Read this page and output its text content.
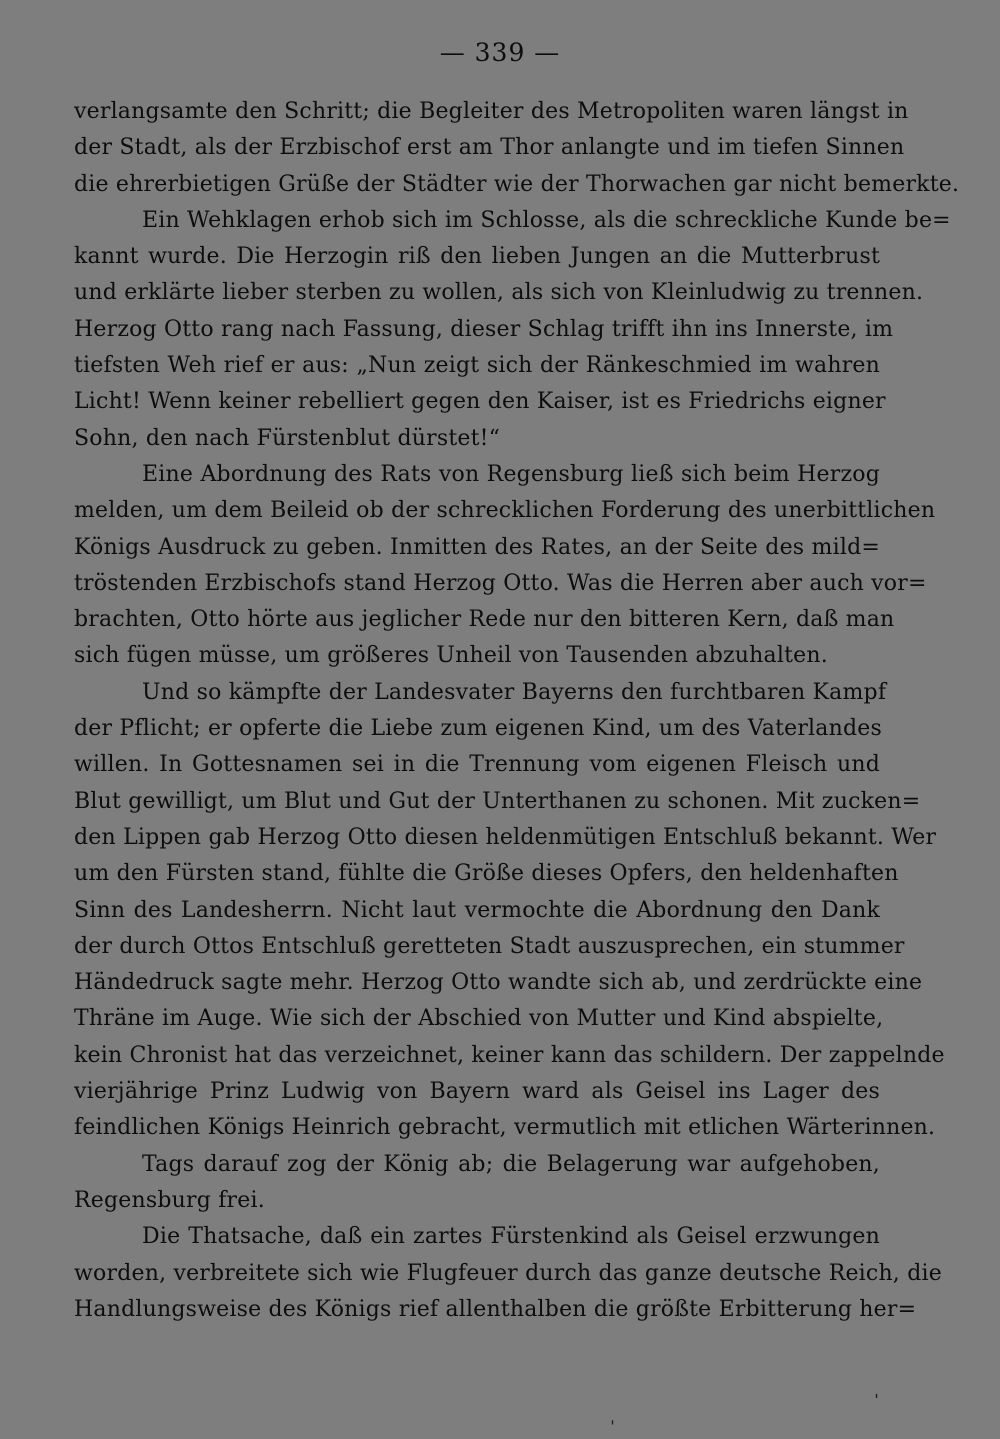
— 339 —
verlangsamte den Schritt; die Begleiter des Metropoliten waren längst in
der Stadt, als der Erzbischof erst am Thor anlangte und im tiefen Sinnen
die ehrerbietigen Grüße der Städter wie der Thorwachen gar nicht bemerkte.
Ein Wehklagen erhob sich im Schlosse, als die schreckliche Kunde be=
kannt wurde. Die Herzogin riß den lieben Jungen an die Mutterbrust
und erklärte lieber sterben zu wollen, als sich von Kleinludwig zu trennen.
Herzog Otto rang nach Fassung, dieser Schlag trifft ihn ins Innerste, im
tiefsten Weh rief er aus: „Nun zeigt sich der Ränkeschmied im wahren
Licht! Wenn keiner rebelliert gegen den Kaiser, ist es Friedrichs eigner
Sohn, den nach Fürstenblut dürstet!“
Eine Abordnung des Rats von Regensburg ließ sich beim Herzog
melden, um dem Beileid ob der schrecklichen Forderung des unerbittlichen
Königs Ausdruck zu geben. Inmitten des Rates, an der Seite des mild=
tröstenden Erzbischofs stand Herzog Otto. Was die Herren aber auch vor=
brachten, Otto hörte aus jeglicher Rede nur den bitteren Kern, daß man
sich fügen müsse, um größeres Unheil von Tausenden abzuhalten.
Und so kämpfte der Landesvater Bayerns den furchtbaren Kampf
der Pflicht; er opferte die Liebe zum eigenen Kind, um des Vaterlandes
willen. In Gottesnamen sei in die Trennung vom eigenen Fleisch und
Blut gewilligt, um Blut und Gut der Unterthanen zu schonen. Mit zucken=
den Lippen gab Herzog Otto diesen heldenmütigen Entschluß bekannt. Wer
um den Fürsten stand, fühlte die Größe dieses Opfers, den heldenhaften
Sinn des Landesherrn. Nicht laut vermochte die Abordnung den Dank
der durch Ottos Entschluß geretteten Stadt auszusprechen, ein stummer
Händedruck sagte mehr. Herzog Otto wandte sich ab, und zerdrückte eine
Thräne im Auge. Wie sich der Abschied von Mutter und Kind abspielte,
kein Chronist hat das verzeichnet, keiner kann das schildern. Der zappelnde
vierjährige Prinz Ludwig von Bayern ward als Geisel ins Lager des
feindlichen Königs Heinrich gebracht, vermutlich mit etlichen Wärterinnen.
Tags darauf zog der König ab; die Belagerung war aufgehoben,
Regensburg frei.
Die Thatsache, daß ein zartes Fürstenkind als Geisel erzwungen
worden, verbreitete sich wie Flugfeuer durch das ganze deutsche Reich, die
Handlungsweise des Königs rief allenthalben die größte Erbitterung her=
ˌ
ˈ
